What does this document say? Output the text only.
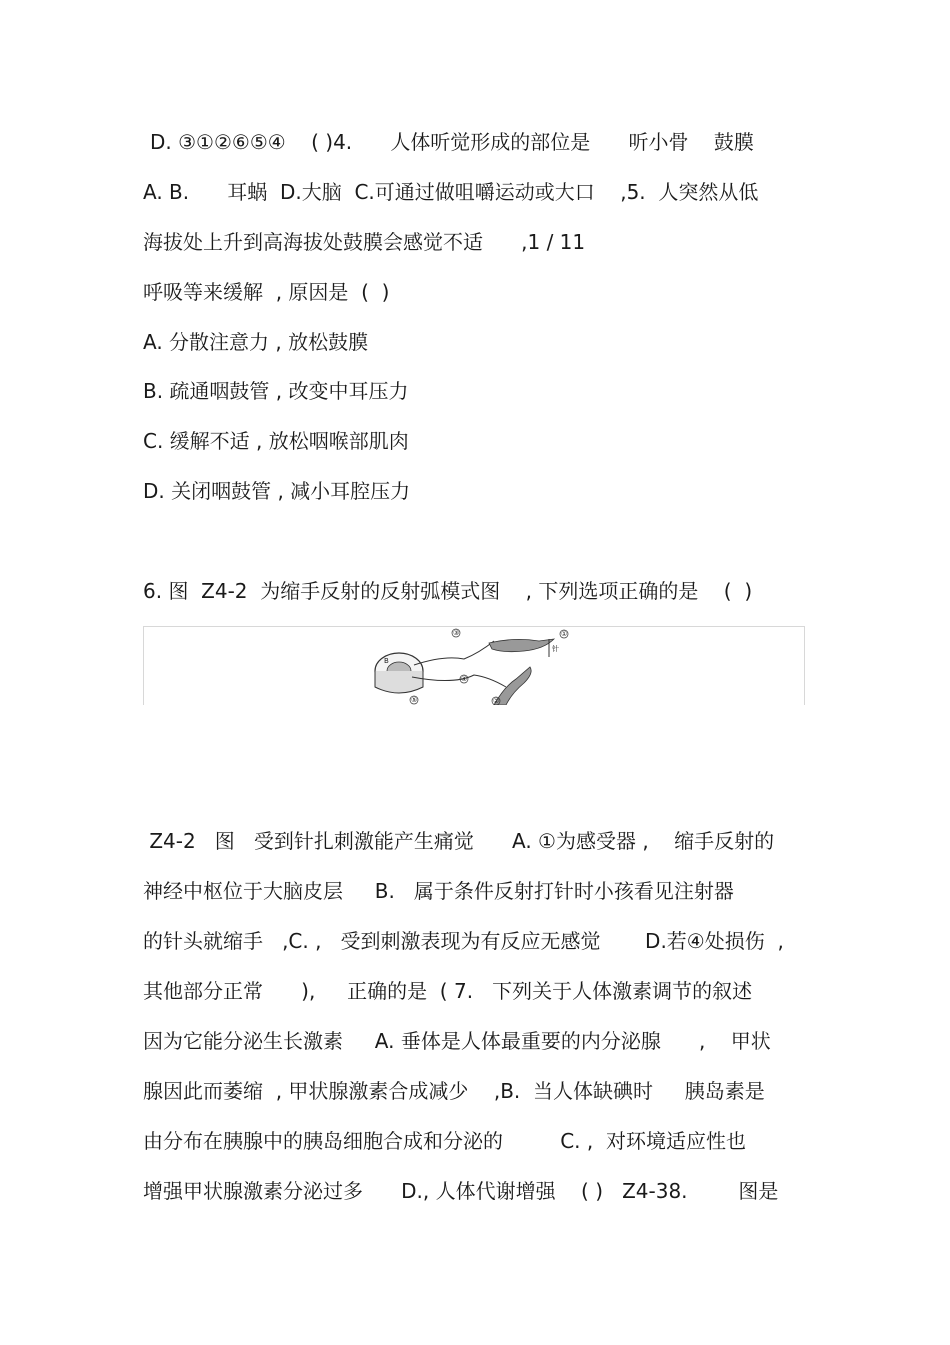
D. ③①②⑥⑤④    ( )4.      人体听觉形成的部位是      听小骨    鼓膜
A. B.      耳蜗  D.大脑  C.可通过做咀嚼运动或大口    ,5.  人突然从低
海拔处上升到高海拔处鼓膜会感觉不适      ,1 / 11
呼吸等来缓解  , 原因是  (  )
A. 分散注意力 , 放松鼓膜
B. 疏通咽鼓管 , 改变中耳压力
C. 缓解不适 , 放松咽喉部肌肉
D. 关闭咽鼓管 , 减小耳腔压力
6. 图  Z4-2  为缩手反射的反射弧模式图    , 下列选项正确的是    (  )
③	①
针
B
④
⑤	②
Z4-2   图   受到针扎刺激能产生痛觉      A. ①为感受器 ,    缩手反射的
神经中枢位于大脑皮层     B.   属于条件反射打针时小孩看见注射器
的针头就缩手   ,C. ,   受到刺激表现为有反应无感觉       D.若④处损伤  ,
其他部分正常      ),     正确的是  ( 7.   下列关于人体激素调节的叙述
因为它能分泌生长激素     A. 垂体是人体最重要的内分泌腺      ,    甲状
腺因此而萎缩  , 甲状腺激素合成减少    ,B.  当人体缺碘时     胰岛素是
由分布在胰腺中的胰岛细胞合成和分泌的         C. ,  对环境适应性也
增强甲状腺激素分泌过多      D., 人体代谢增强    ( )   Z4-38.        图是
